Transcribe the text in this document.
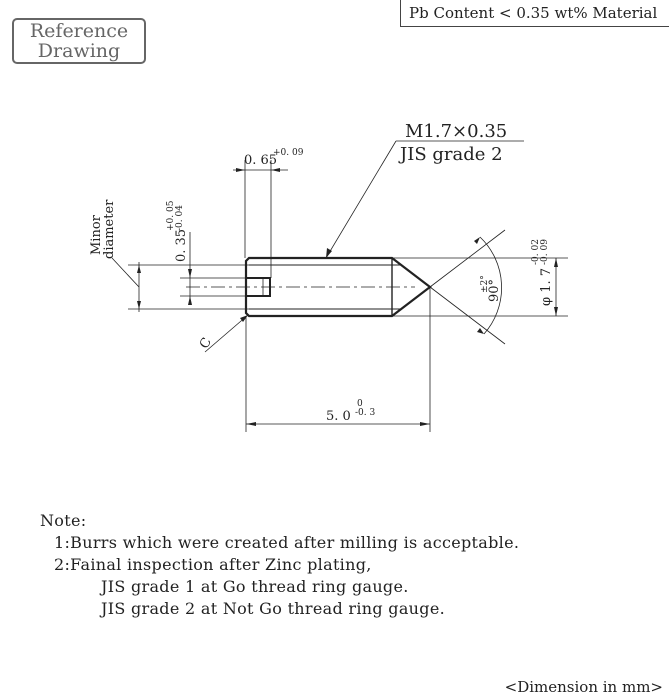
Reference
Drawing
Pb Content < 0.35 wt% Material
M1.7×0.35
JIS grade 2
0. 65
+0. 09
0. 35
+0. 05 -0. 04
Minor
diameter
C
90°
±2°	φ 1. 7
-0. 02 -0. 09
5. 0
0
-0. 3
Note:
1:Burrs which were created after milling is acceptable.
2:Fainal inspection after Zinc plating,
JIS grade 1 at Go thread ring gauge.
JIS grade 2 at Not Go thread ring gauge.
<Dimension in mm>
